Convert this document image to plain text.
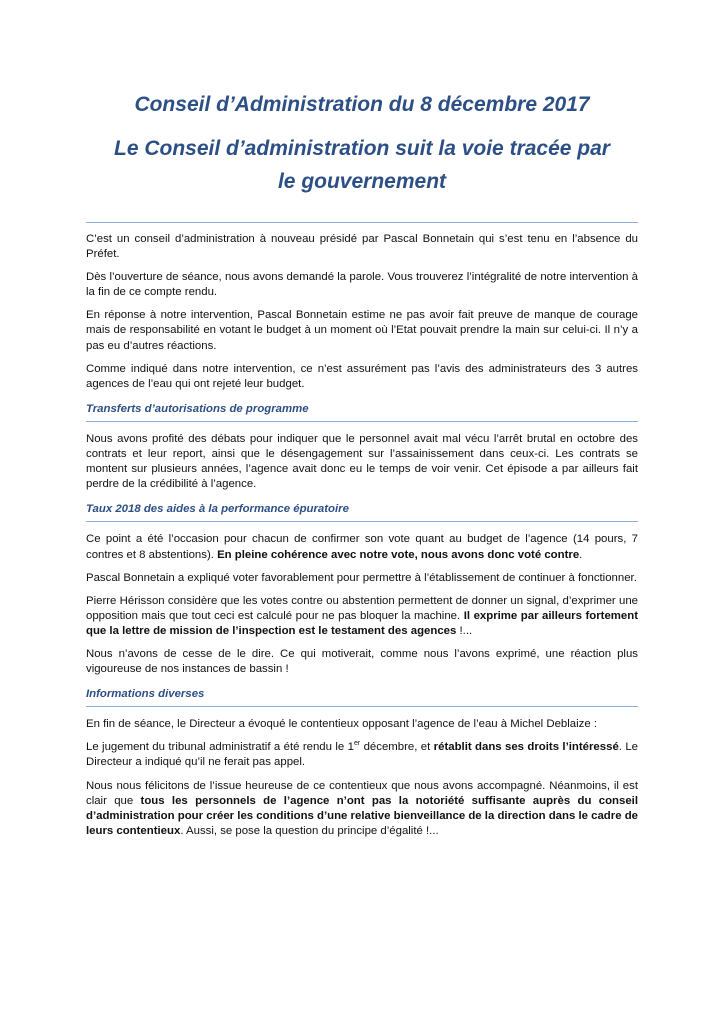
Conseil d’Administration du 8 décembre 2017
Le Conseil d’administration suit la voie tracée par
le gouvernement

C’est un conseil d’administration à nouveau présidé par Pascal Bonnetain qui s’est tenu en l’absence du Préfet.

Dès l’ouverture de séance, nous avons demandé la parole. Vous trouverez l’intégralité de notre intervention à la fin de ce compte rendu.

En réponse à notre intervention, Pascal Bonnetain estime ne pas avoir fait preuve de manque de courage mais de responsabilité en votant le budget à un moment où l’Etat pouvait prendre la main sur celui-ci. Il n’y a pas eu d’autres réactions.

Comme indiqué dans notre intervention, ce n’est assurément pas l’avis des administrateurs des 3 autres agences de l’eau qui ont rejeté leur budget.

Transferts d’autorisations de programme

Nous avons profité des débats pour indiquer que le personnel avait mal vécu l’arrêt brutal en octobre des contrats et leur report, ainsi que le désengagement sur l’assainissement dans ceux-ci. Les contrats se montent sur plusieurs années, l’agence avait donc eu le temps de voir venir. Cet épisode a par ailleurs fait perdre de la crédibilité à l’agence.

Taux 2018 des aides à la performance épuratoire

Ce point a été l’occasion pour chacun de confirmer son vote quant au budget de l’agence (14 pours, 7 contres et 8 abstentions). En pleine cohérence avec notre vote, nous avons donc voté contre.

Pascal Bonnetain a expliqué voter favorablement pour permettre à l’établissement de continuer à fonctionner.

Pierre Hérisson considère que les votes contre ou abstention permettent de donner un signal, d’exprimer une opposition mais que tout ceci est calculé pour ne pas bloquer la machine. Il exprime par ailleurs fortement que la lettre de mission de l’inspection est le testament des agences !...

Nous n’avons de cesse de le dire. Ce qui motiverait, comme nous l’avons exprimé, une réaction plus vigoureuse de nos instances de bassin !

Informations diverses

En fin de séance, le Directeur a évoqué le contentieux opposant l’agence de l’eau à Michel Deblaize :

Le jugement du tribunal administratif a été rendu le 1er décembre, et rétablit dans ses droits l’intéressé. Le Directeur a indiqué qu’il ne ferait pas appel.

Nous nous félicitons de l’issue heureuse de ce contentieux que nous avons accompagné. Néanmoins, il est clair que tous les personnels de l’agence n’ont pas la notoriété suffisante auprès du conseil d’administration pour créer les conditions d’une relative bienveillance de la direction dans le cadre de leurs contentieux. Aussi, se pose la question du principe d’égalité !...
